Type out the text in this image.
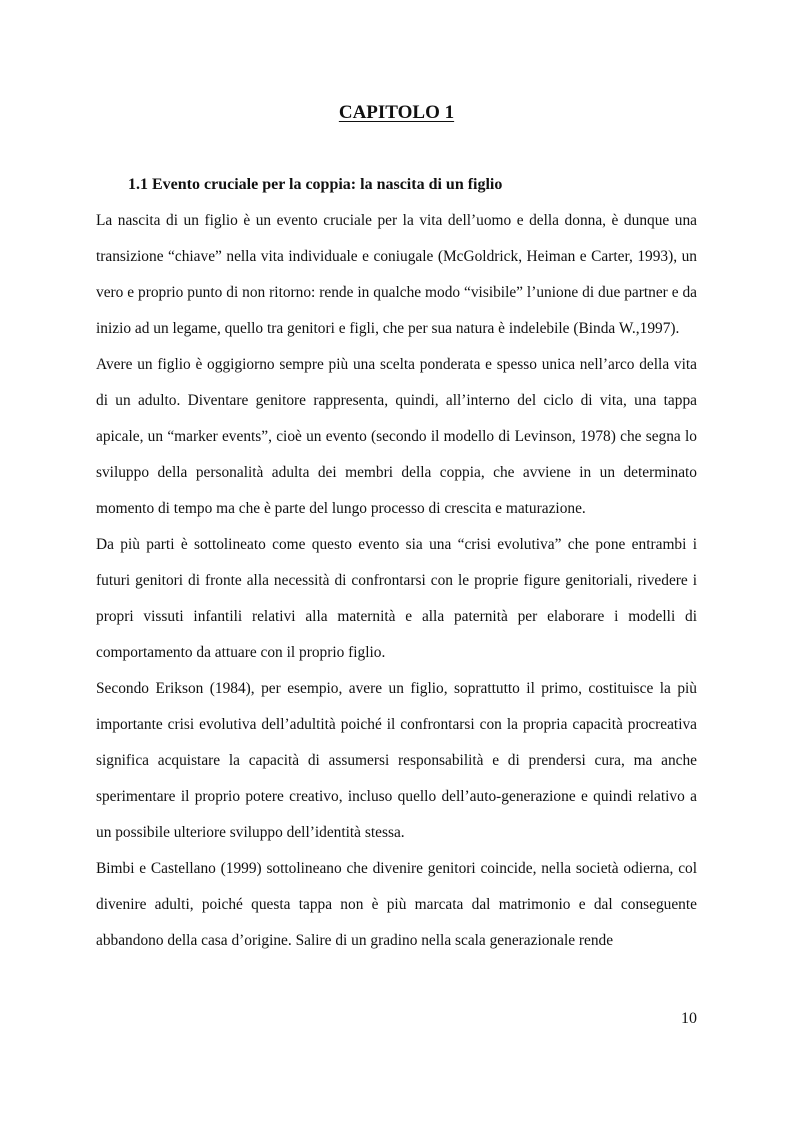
CAPITOLO 1
1.1 Evento cruciale per la coppia: la nascita di un figlio

La nascita di un figlio è un evento cruciale per la vita dell’uomo e della donna, è dunque una transizione “chiave” nella vita individuale e coniugale (McGoldrick, Heiman e Carter, 1993), un vero e proprio punto di non ritorno: rende in qualche modo “visibile” l’unione di due partner e da inizio ad un legame, quello tra genitori e figli, che per sua natura è indelebile (Binda W.,1997).

Avere un figlio è oggigiorno sempre più una scelta ponderata e spesso unica nell’arco della vita di un adulto. Diventare genitore rappresenta, quindi, all’interno del ciclo di vita, una tappa apicale, un “marker events”, cioè un evento (secondo il modello di Levinson, 1978) che segna lo sviluppo della personalità adulta dei membri della coppia, che avviene in un determinato momento di tempo ma che è parte del lungo processo di crescita e maturazione.

Da più parti è sottolineato come questo evento sia una “crisi evolutiva” che pone entrambi i futuri genitori di fronte alla necessità di confrontarsi con le proprie figure genitoriali, rivedere i propri vissuti infantili relativi alla maternità e alla paternità per elaborare i modelli di comportamento da attuare con il proprio figlio.

Secondo Erikson (1984), per esempio, avere un figlio, soprattutto il primo, costituisce la più importante crisi evolutiva dell’adultità poiché il confrontarsi con la propria capacità procreativa significa acquistare la capacità di assumersi responsabilità e di prendersi cura, ma anche sperimentare il proprio potere creativo, incluso quello dell’auto-generazione e quindi relativo a un possibile ulteriore sviluppo dell’identità stessa.

Bimbi e Castellano (1999) sottolineano che divenire genitori coincide, nella società odierna, col divenire adulti, poiché questa tappa non è più marcata dal matrimonio e dal conseguente abbandono della casa d’origine. Salire di un gradino nella scala generazionale rende

10
